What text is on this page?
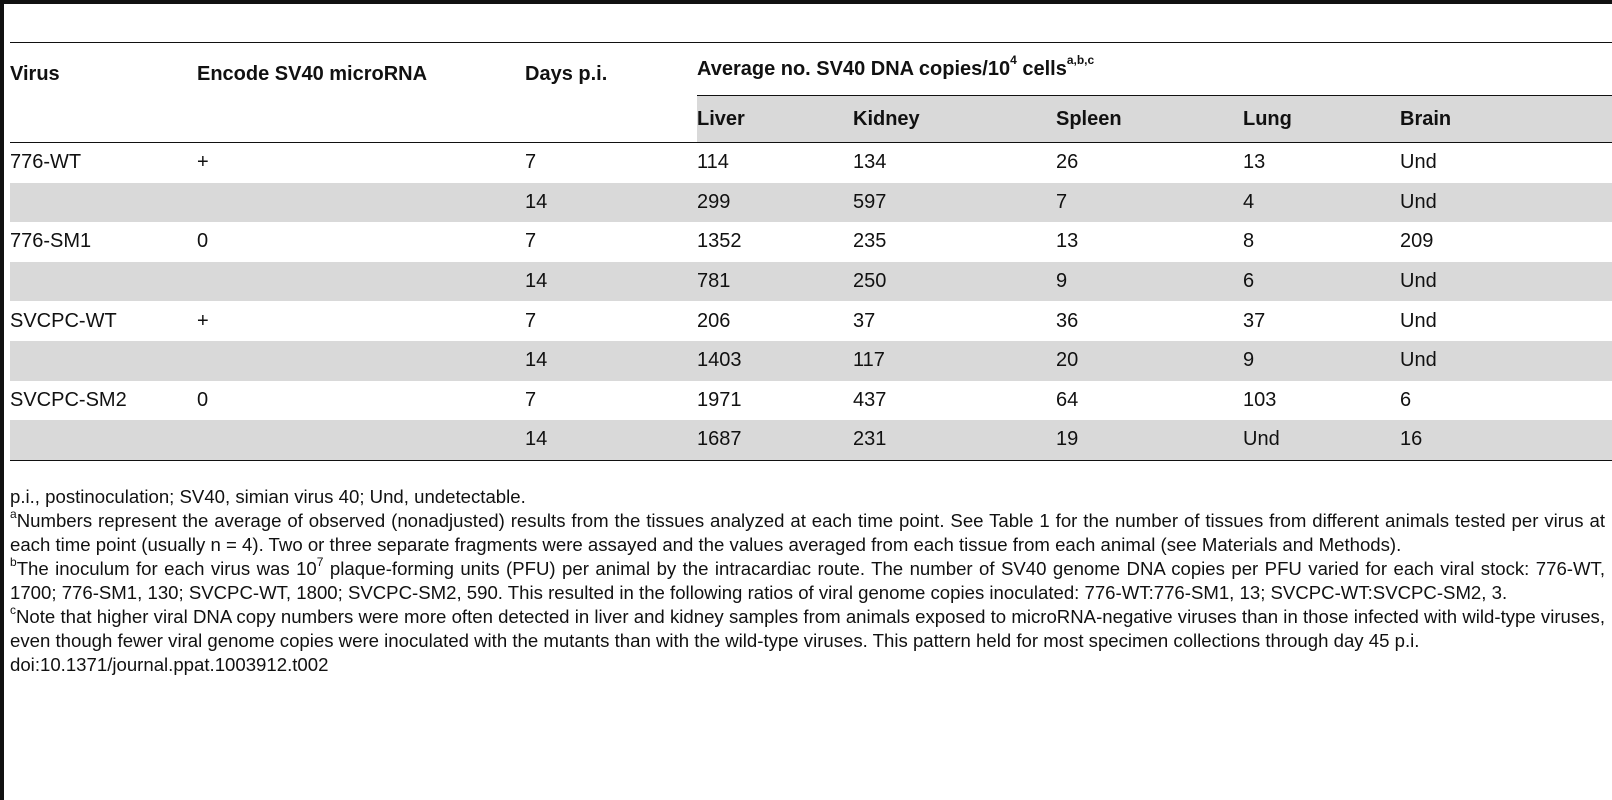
Virus	Encode SV40 microRNA	Days p.i.	Average no. SV40 DNA copies/$10^4$ cells$^{a,b,c}$
			Liver	Kidney	Spleen	Lung	Brain
776-WT	+	7	114	134	26	13	Und
		14	299	597	7	4	Und
776-SM1	0	7	1352	235	13	8	209
		14	781	250	9	6	Und
SVCPC-WT	+	7	206	37	36	37	Und
		14	1403	117	20	9	Und
SVCPC-SM2	0	7	1971	437	64	103	6
		14	1687	231	19	Und	16

p.i., postinoculation; SV40, simian virus 40; Und, undetectable.

$^a$Numbers represent the average of observed (nonadjusted) results from the tissues analyzed at each time point. See Table 1 for the number of tissues from different animals tested per virus at each time point (usually n = 4). Two or three separate fragments were assayed and the values averaged from each tissue from each animal (see Materials and Methods).

$^b$The inoculum for each virus was $10^7$ plaque-forming units (PFU) per animal by the intracardiac route. The number of SV40 genome DNA copies per PFU varied for each viral stock: 776-WT, 1700; 776-SM1, 130; SVCPC-WT, 1800; SVCPC-SM2, 590. This resulted in the following ratios of viral genome copies inoculated: 776-WT:776-SM1, 13; SVCPC-WT:SVCPC-SM2, 3.

$^c$Note that higher viral DNA copy numbers were more often detected in liver and kidney samples from animals exposed to microRNA-negative viruses than in those infected with wild-type viruses, even though fewer viral genome copies were inoculated with the mutants than with the wild-type viruses. This pattern held for most specimen collections through day 45 p.i.

doi:10.1371/journal.ppat.1003912.t002
